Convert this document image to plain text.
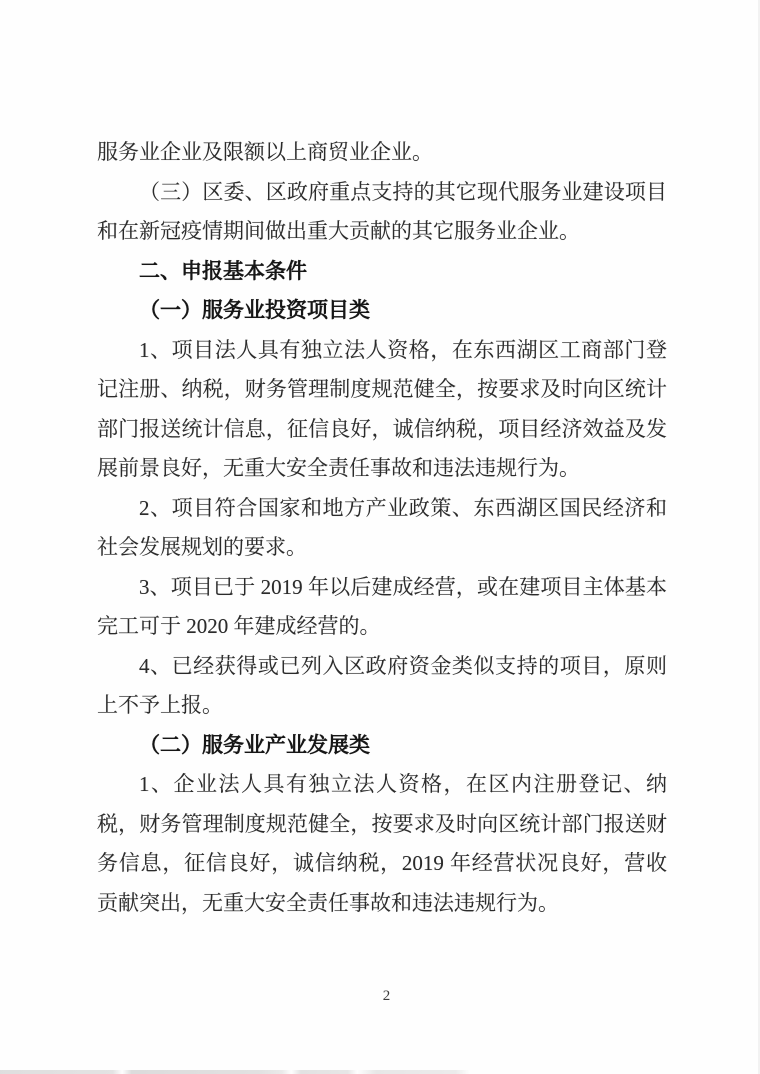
服务业企业及限额以上商贸业企业。

（三）区委、区政府重点支持的其它现代服务业建设项目和在新冠疫情期间做出重大贡献的其它服务业企业。

二、申报基本条件

（一）服务业投资项目类

1、项目法人具有独立法人资格，在东西湖区工商部门登记注册、纳税，财务管理制度规范健全，按要求及时向区统计部门报送统计信息，征信良好，诚信纳税，项目经济效益及发展前景良好，无重大安全责任事故和违法违规行为。

2、项目符合国家和地方产业政策、东西湖区国民经济和社会发展规划的要求。

3、项目已于 2019 年以后建成经营，或在建项目主体基本完工可于 2020 年建成经营的。

4、已经获得或已列入区政府资金类似支持的项目，原则上不予上报。

（二）服务业产业发展类

1、企业法人具有独立法人资格，在区内注册登记、纳税，财务管理制度规范健全，按要求及时向区统计部门报送财务信息，征信良好，诚信纳税，2019 年经营状况良好，营收贡献突出，无重大安全责任事故和违法违规行为。

2
